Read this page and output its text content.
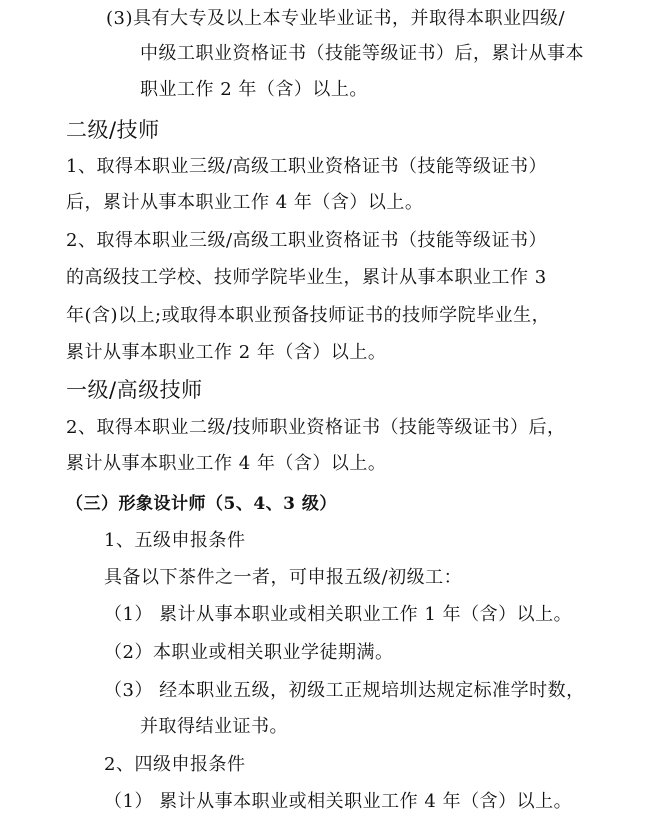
(3)具有大专及以上本专业毕业证书，并取得本职业四级/
中级工职业资格证书（技能等级证书）后，累计从事本
职业工作 2 年（含）以上。
二级/技师
1、取得本职业三级/高级工职业资格证书（技能等级证书）
后，累计从事本职业工作 4 年（含）以上。
2、取得本职业三级/高级工职业资格证书（技能等级证书）
的高级技工学校、技师学院毕业生，累计从事本职业工作 3
年(含)以上;或取得本职业预备技师证书的技师学院毕业生，
累计从事本职业工作 2 年（含）以上。
一级/高级技师
2、取得本职业二级/技师职业资格证书（技能等级证书）后，
累计从事本职业工作 4 年（含）以上。
（三）形象设计师（5、4、3 级）
1、五级申报条件
具备以下茶件之一者，可申报五级/初级工：
（1） 累计从事本职业或相关职业工作 1 年（含）以上。
（2）本职业或相关职业学徒期满。
（3） 经本职业五级，初级工正规培圳达规定标准学时数，
并取得结业证书。
2、四级申报条件
（1） 累计从事本职业或相关职业工作 4 年（含）以上。
